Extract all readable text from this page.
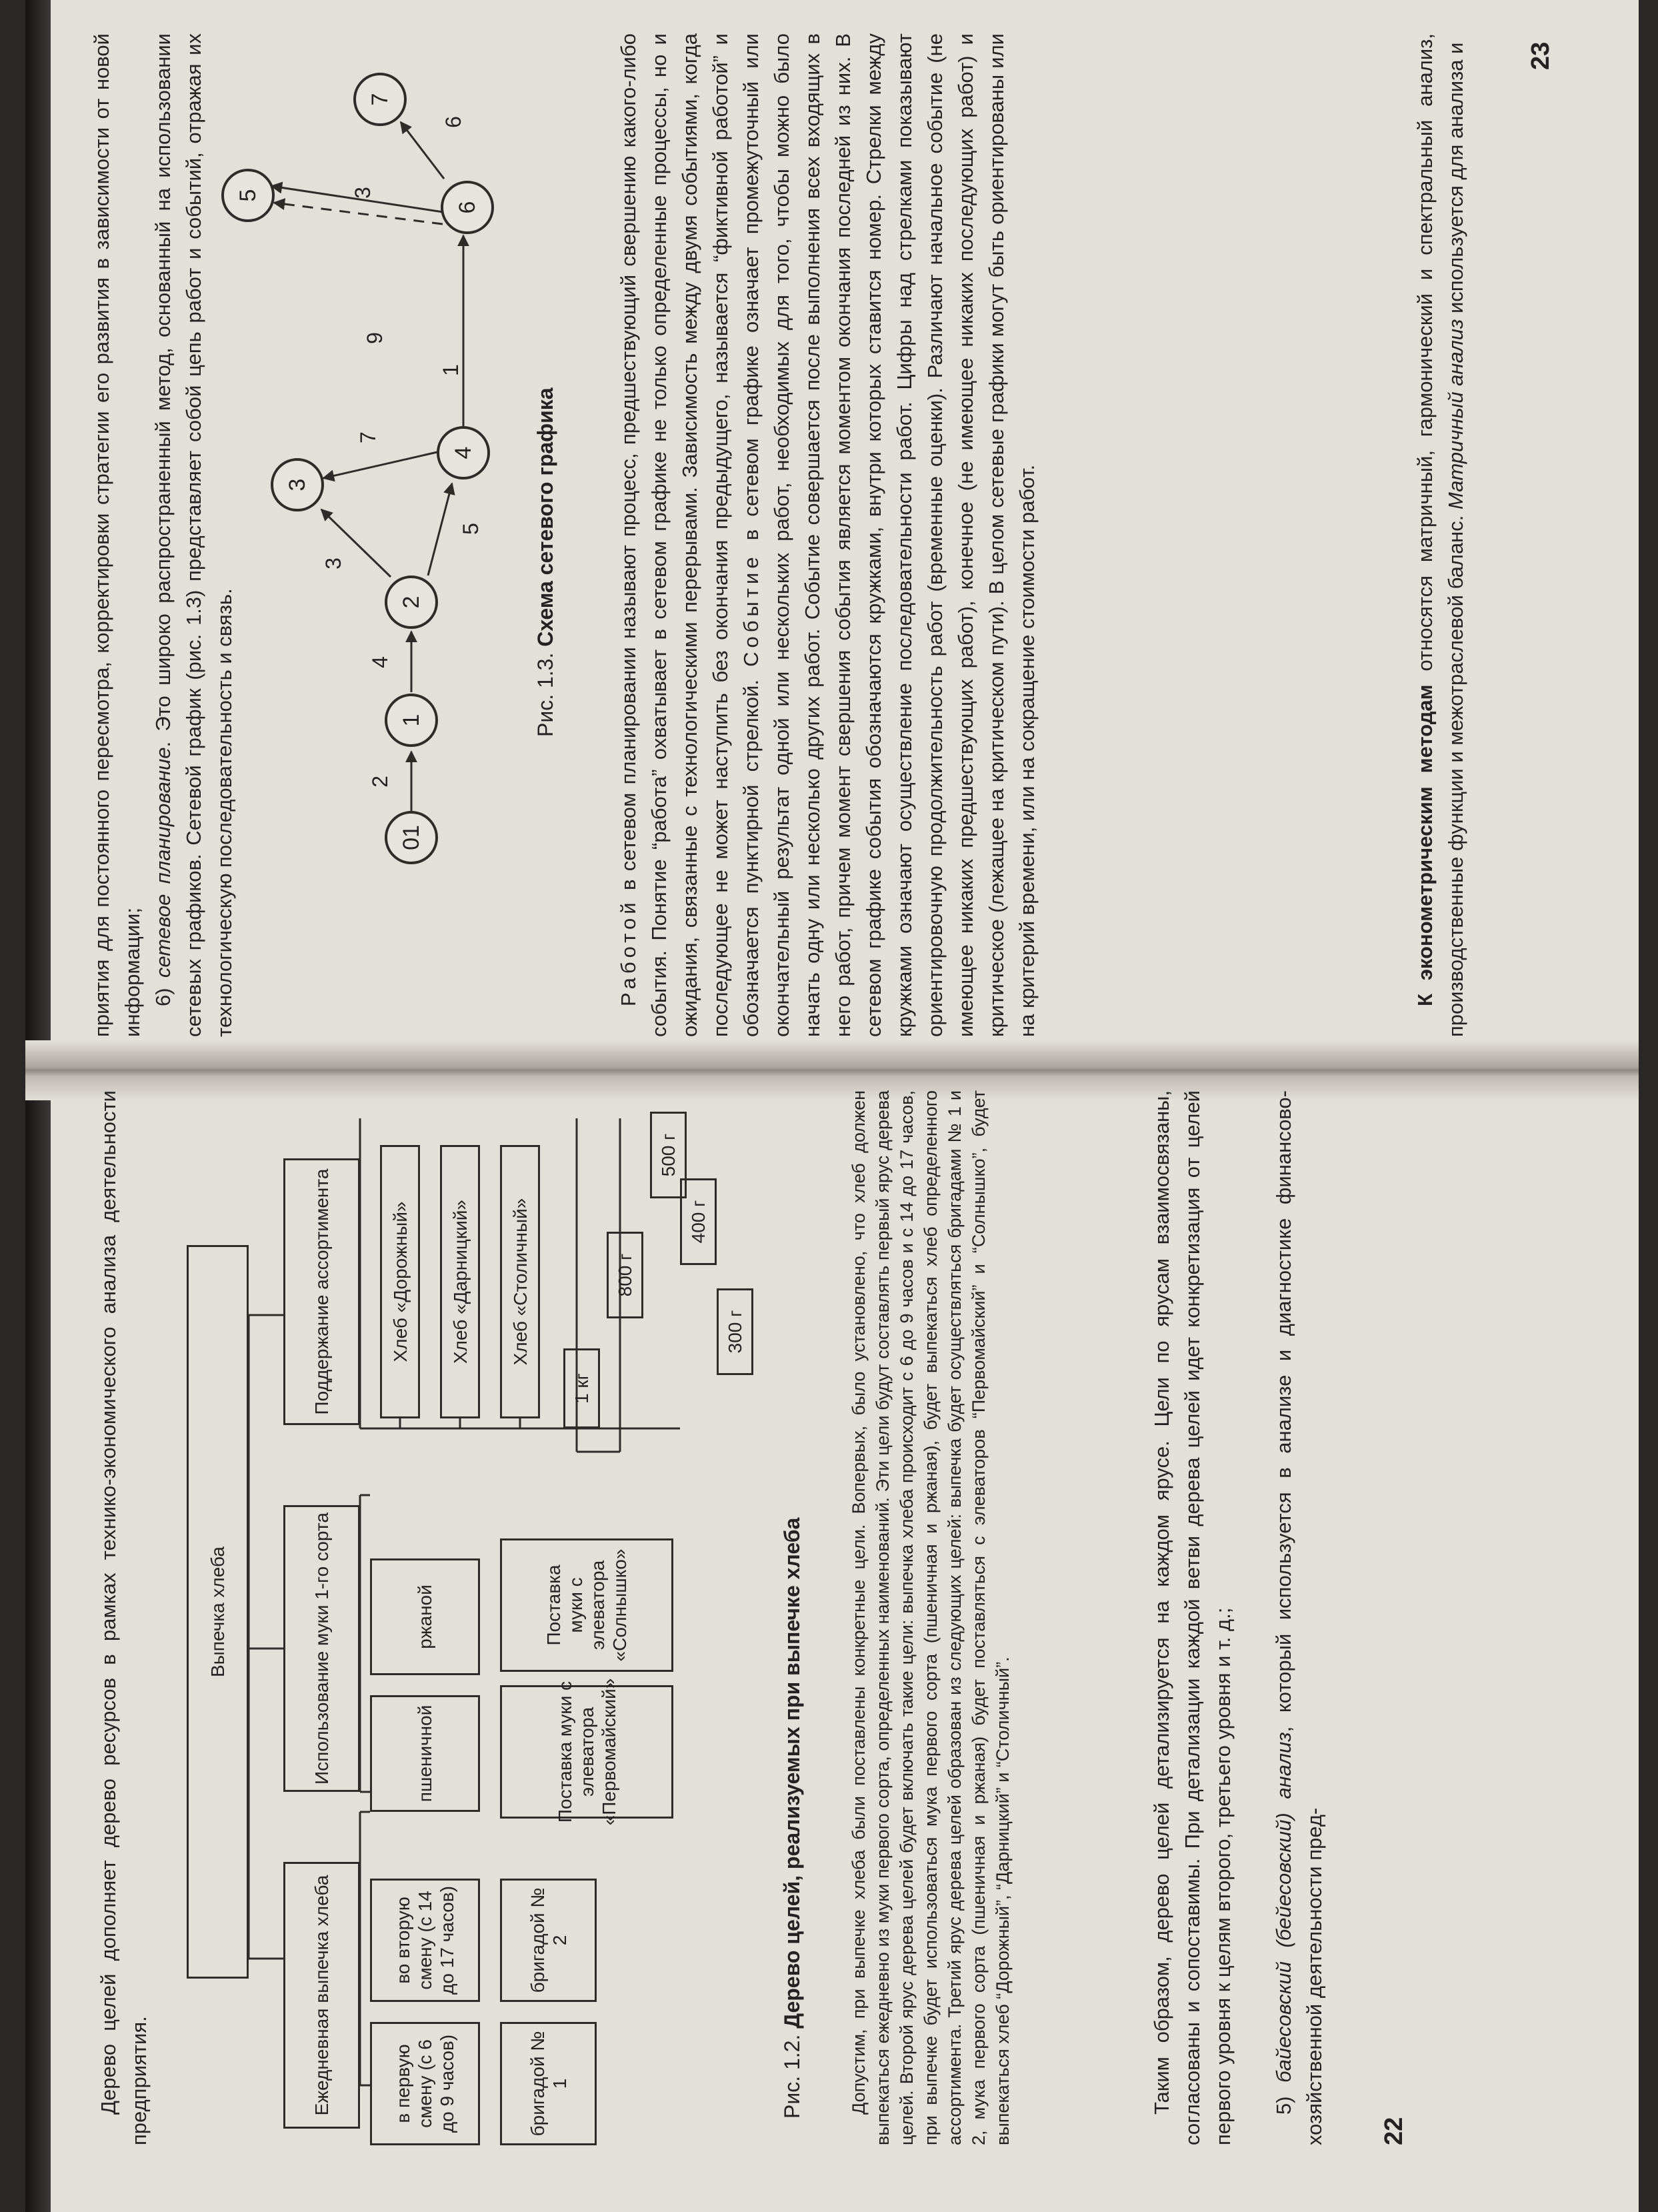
приятия для постоянного пересмотра, корректировки стратегии его развития в зависимости от новой информации; 6) сетевое планирование. Это широко распространенный метод, основанный на использовании сетевых графиков. Сетевой график (рис. 1.3) представляет собой цепь работ и событий, отражая их технологическую последовательность и связь.	2
4
3
5
7
9
1
3
6
01
1
2
3
4
5
6
7

Рис. 1.3. Схема сетевого графика

Работой в сетевом планировании называют процесс, предшествующий свершению какого-либо события. Понятие “работа” охватывает в сетевом графике не только определенные процессы, но и ожидания, связанные с технологическими перерывами. Зависимость между двумя событиями, когда последующее не может наступить без окончания предыдущего, называется “фиктивной работой” и обозначается пунктирной стрелкой. Событие в сетевом графике означает промежуточный или окончательный результат одной или нескольких работ, необходимых для того, чтобы можно было начать одну или несколько других работ. Событие совершается после выполнения всех входящих в него работ, причем момент свершения события является моментом окончания последней из них. В сетевом графике события обозначаются кружками, внутри которых ставится номер. Стрелки между кружками означают осуществление последовательности работ. Цифры над стрелками показывают ориентировочную продолжительность работ (временные оценки). Различают начальное событие (не имеющее никаких предшествующих работ), конечное (не имеющее никаких последующих работ) и критическое (лежащее на критическом пути). В целом сетевые графики могут быть ориентированы или на критерий времени, или на сокращение стоимости работ.	К эконометрическим методам относятся матричный, гармонический и спектральный анализ, производственные функции и межотраслевой баланс. Матричный анализ используется для анализа и 23

Дерево целей дополняет дерево ресурсов в рамках технико-экономического анализа деятельности предприятия.

Выпечка хлеба
Ежедневная выпечка хлеба
Использование муки 1-го сорта
Поддержание ассортимента
в первую смену (с 6 до 9 часов)
во вторую смену (с 14 до 17 часов)
бригадой № 1
бригадой № 2
пшеничной
ржаной
Поставка муки с элеватора «Первомайский»
Поставка муки с элеватора «Солнышко»
Хлеб «Дорожный» Хлеб «Дарницкий» Хлеб «Столичный»
1 кг
800 г
500 г
400 г
300 г

Рис. 1.2. Дерево целей, реализуемых при выпечке хлеба Допустим, при выпечке хлеба были поставлены конкретные цели. Вопервых, было установлено, что хлеб должен выпекаться ежедневно из муки первого сорта, определенных наименований. Эти цели будут составлять первый ярус дерева целей. Второй ярус дерева целей будет включать такие цели: выпечка хлеба происходит с 6 до 9 часов и с 14 до 17 часов, при выпечке будет использоваться мука первого сорта (пшеничная и ржаная), будет выпекаться хлеб определенного ассортимента. Третий ярус дерева целей образован из следующих целей: выпечка будет осуществляться бригадами № 1 и 2, мука первого сорта (пшеничная и ржаная) будет поставляться с элеваторов “Первомайский” и “Солнышко”, будет выпекаться хлеб “Дорожный”, “Дарницкий” и “Столичный”.	Таким образом, дерево целей детализируется на каждом ярусе. Цели по ярусам взаимосвязаны, согласованы и сопоставимы. При детализации каждой ветви дерева целей идет конкретизация от целей первого уровня к целям второго, третьего уровня и т. д.; 5) байесовский (бейесовский) анализ, который используется в анализе и диагностике финансово-хозяйственной деятельности пред- 22
